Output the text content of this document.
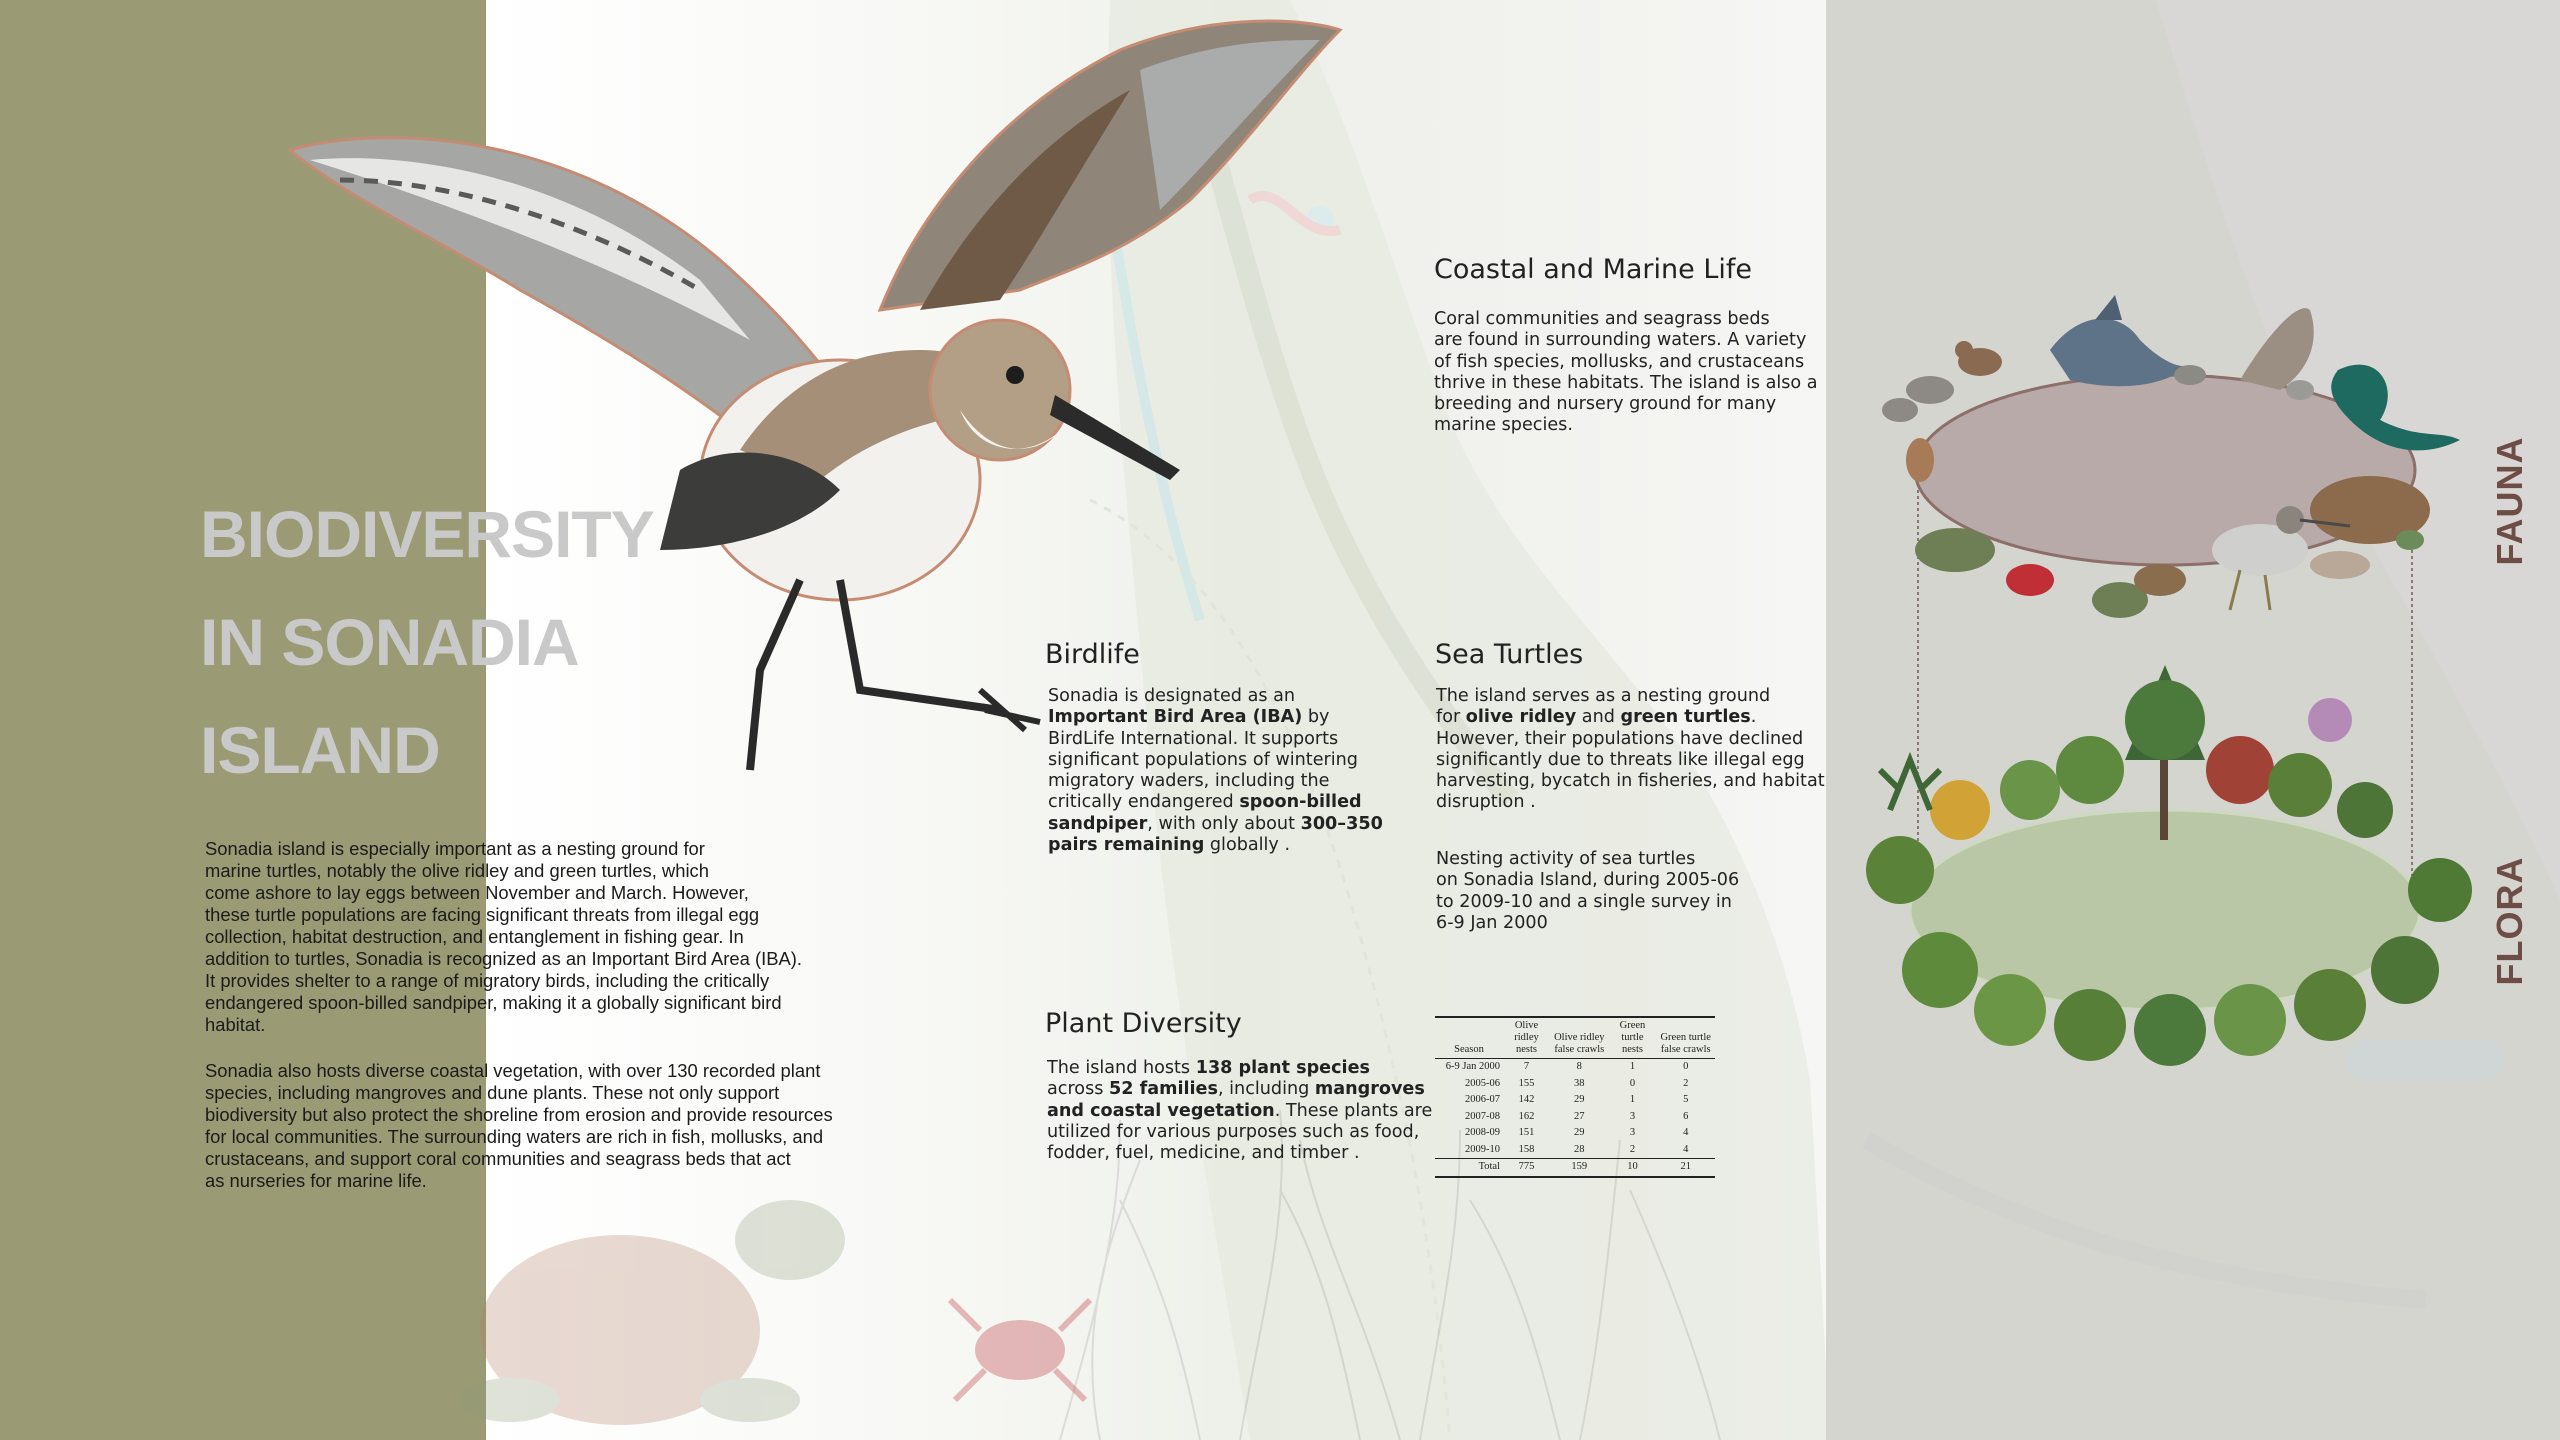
BIODIVERSITY
IN SONADIA
ISLAND

Sonadia island is especially important as a nesting ground for
marine turtles, notably the olive ridley and green turtles, which
come ashore to lay eggs between November and March. However,
these turtle populations are facing significant threats from illegal egg
collection, habitat destruction, and entanglement in fishing gear. In
addition to turtles, Sonadia is recognized as an Important Bird Area (IBA).
It provides shelter to a range of migratory birds, including the critically
endangered spoon-billed sandpiper, making it a globally significant bird
habitat.

Sonadia also hosts diverse coastal vegetation, with over 130 recorded plant
species, including mangroves and dune plants. These not only support
biodiversity but also protect the shoreline from erosion and provide resources
for local communities. The surrounding waters are rich in fish, mollusks, and
crustaceans, and support coral communities and seagrass beds that act
as nurseries for marine life.

Coastal and Marine Life
Coral communities and seagrass beds
are found in surrounding waters. A variety
of fish species, mollusks, and crustaceans
thrive in these habitats. The island is also a
breeding and nursery ground for many
marine species.
Birdlife
Sonadia is designated as an
Important Bird Area (IBA) by
BirdLife International. It supports
significant populations of wintering
migratory waders, including the
critically endangered spoon-billed
sandpiper, with only about 300–350
pairs remaining globally .
Sea Turtles
The island serves as a nesting ground
for olive ridley and green turtles.
However, their populations have declined
significantly due to threats like illegal egg
harvesting, bycatch in fisheries, and habitat
disruption .
Nesting activity of sea turtles
on Sonadia Island, during 2005-06
to 2009-10 and a single survey in
6-9 Jan 2000
Plant Diversity
The island hosts 138 plant species
across 52 families, including mangroves
and coastal vegetation. These plants are
utilized for various purposes such as food,
fodder, fuel, medicine, and timber .
Season	Olive ridley nests	Olive ridley false crawls	Green turtle nests	Green turtle false crawls
6-9 Jan 2000	7	8	1	0
2005-06	155	38	0	2
2006-07	142	29	1	5
2007-08	162	27	3	6
2008-09	151	29	3	4
2009-10	158	28	2	4
Total	775	159	10	21
FAUNA
FLORA
